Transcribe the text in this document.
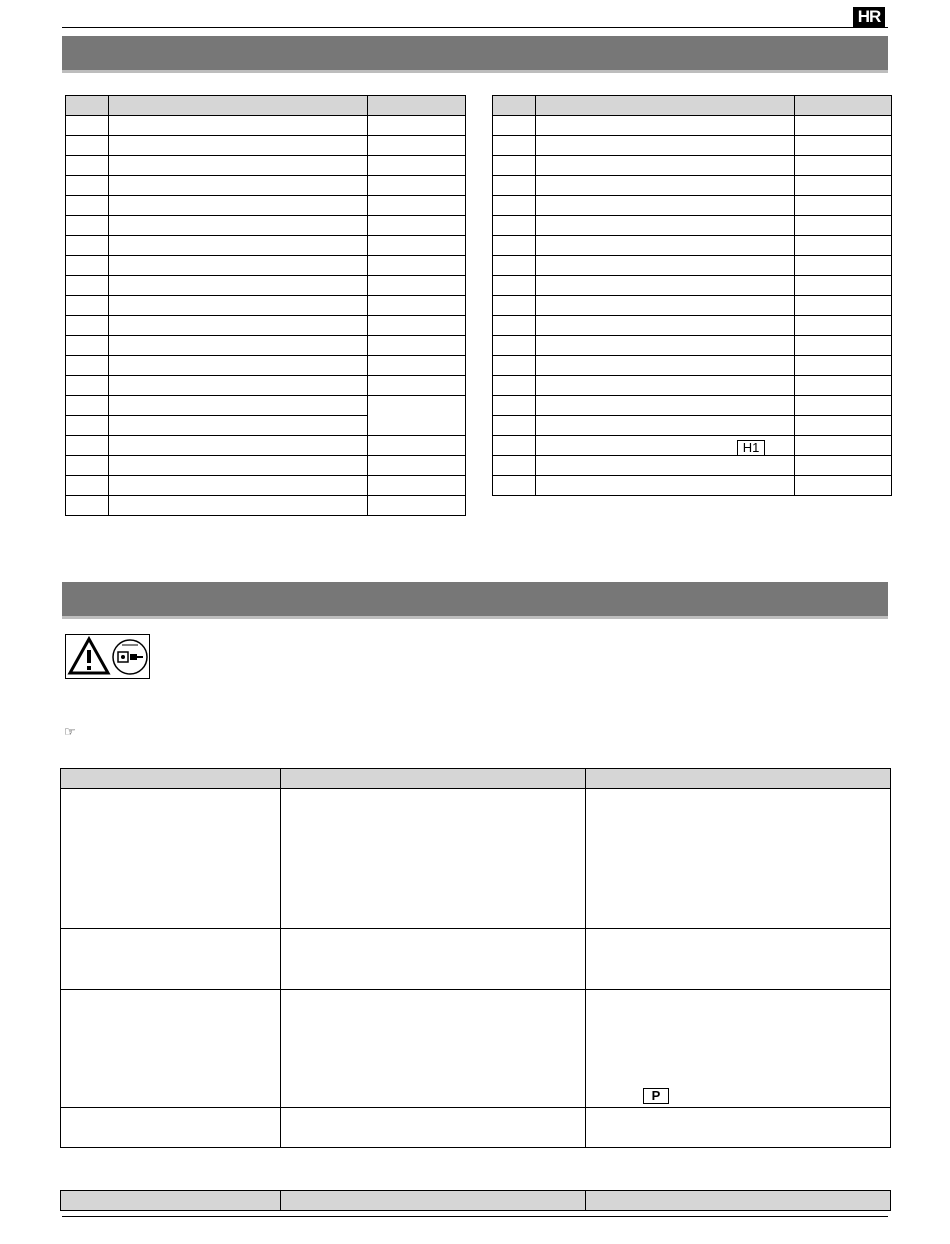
HR

H1
☞

P
